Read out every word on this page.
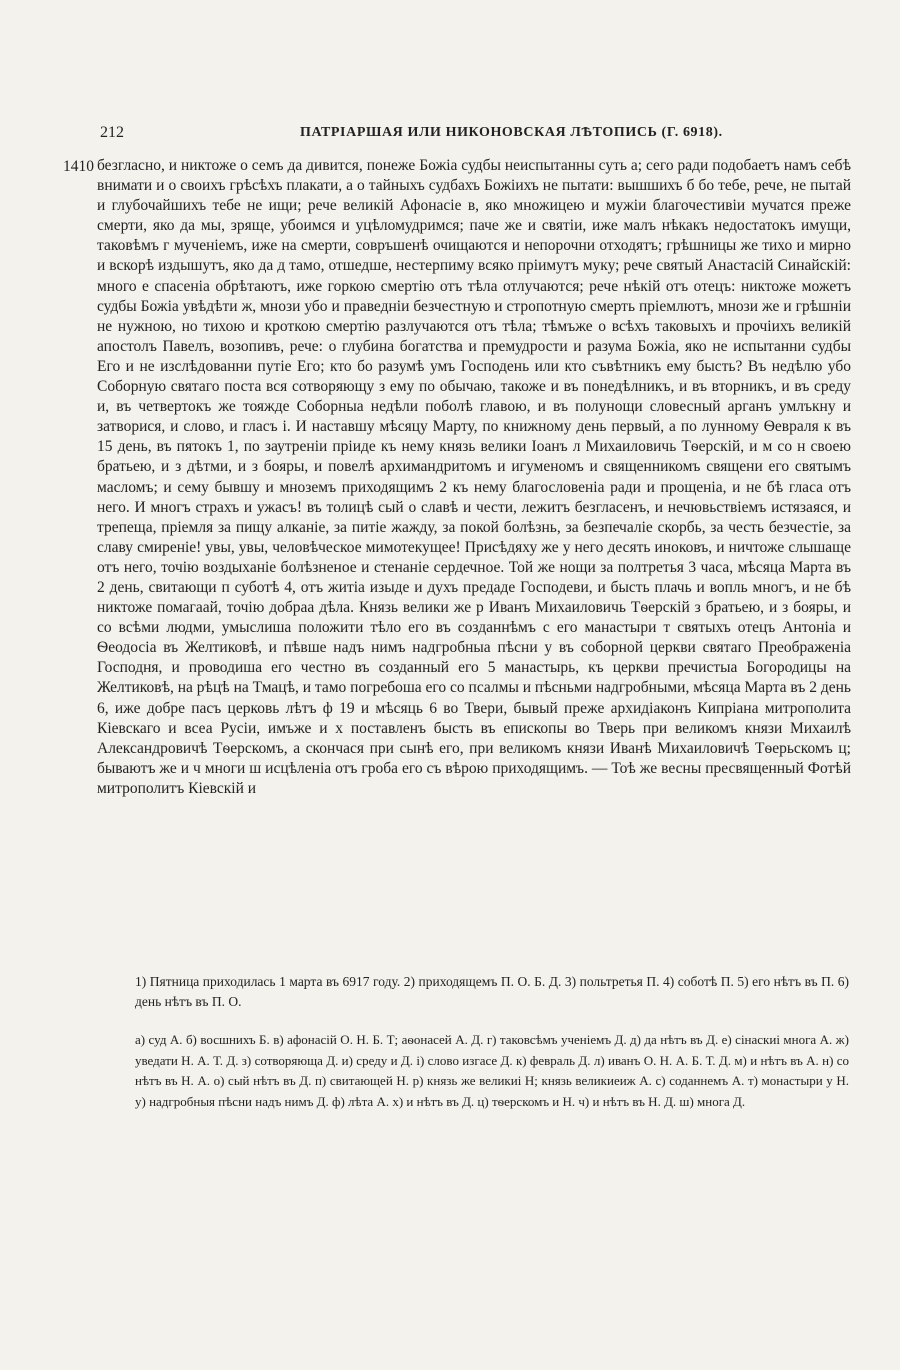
212	ПАТРІАРШАЯ ИЛИ НИКОНОВСКАЯ ЛѢТОПИСЬ (Г. 6918).
1410 безгласно, и никтоже о семъ да дивится, понеже Божіа судбы неиспытанны суть а; сего ради подобаетъ намъ себѣ внимати и о своихъ грѣсѣхъ плакати, а о тайныхъ судбахъ Божіихъ не пытати: вышшихъ б бо тебе, рече, не пытай и глубочайшихъ тебе не ищи; рече великій Афонасіе в, яко множицею и мужіи благочестивіи мучатся преже смерти, яко да мы, зряще, убоимся и уцѣломудримся; паче же и святіи, иже малъ нѣкакъ недостатокъ имущи, таковѣмъ г мученіемъ, иже на смерти, совръшенѣ очищаются и непорочни отходятъ; грѣшницы же тихо и мирно и вскорѣ издышутъ, яко да д тамо, отшедше, нестерпиму всяко пріимутъ муку; рече святый Анастасій Синайскій: много е спасеніа обрѣтаютъ, иже горкою смертію отъ тѣла отлучаются; рече нѣкій отъ отецъ: никтоже можетъ судбы Божіа увѣдѣти ж, мнози убо и праведніи безчестную и стропотную смерть пріемлютъ, мнози же и грѣшніи не нужною, но тихою и кроткою смертію разлучаются отъ тѣла; тѣмъже о всѣхъ таковыхъ и прочіихъ великій апостолъ Павелъ, возопивъ, рече: о глубина богатства и премудрости и разума Божіа, яко не испытанни судбы Его и не изслѣдованни путіе Его; кто бо разумѣ умъ Господень или кто съвѣтникъ ему бысть? Въ недѣлю убо Соборную святаго поста вся сотворяющу з ему по обычаю, такоже и въ понедѣлникъ, и въ вторникъ, и въ среду и, въ четвертокъ же тояжде Соборныа недѣли поболѣ главою, и въ полунощи словесный арганъ умлъкну и затворися, и слово, и гласъ і. И наставшу мѣсяцу Марту, по книжному день первый, а по лунному Ѳевраля к въ 15 день, въ пятокъ 1, по заутреніи пріиде къ нему князь велики Іоанъ л Михаиловичь Тѳерскій, и м со н своею братьею, и з дѣтми, и з бояры, и повелѣ архимандритомъ и игуменомъ и священникомъ священи его святымъ масломъ; и сему бывшу и мноземъ приходящимъ 2 къ нему благословеніа ради и прощеніа, и не бѣ гласа отъ него. И многъ страхъ и ужасъ! въ толицѣ сый о славѣ и чести, лежитъ безгласенъ, и нечювьствіемъ истязаяся, и трепеща, пріемля за пищу алканіе, за питіе жажду, за покой болѣзнь, за безпечаліе скорбь, за честь безчестіе, за славу смиреніе! увы, увы, человѣческое мимотекущее! Присѣдяху же у него десять иноковъ, и ничтоже слышаще отъ него, точію воздыханіе болѣзненое и стенаніе сердечное. Той же нощи за полтретья 3 часа, мѣсяца Марта въ 2 день, свитающи п суботѣ 4, отъ житіа изыде и духъ предаде Господеви, и бысть плачь и вопль многъ, и не бѣ никтоже помагаай, точію добраа дѣла. Князь велики же р Иванъ Михаиловичь Тѳерскій з братьею, и з бояры, и со всѣми людми, умыслиша положити тѣло его въ созданнѣмъ с его манастыри т святыхъ отецъ Антоніа и Ѳеодосіа въ Желтиковѣ, и пѣвше надъ нимъ надгробныа пѣсни у въ соборной церкви святаго Преображеніа Господня, и проводиша его честно въ созданный его 5 манастырь, къ церкви пречистыа Богородицы на Желтиковѣ, на рѣцѣ на Тмацѣ, и тамо погребоша его со псалмы и пѣсньми надгробными, мѣсяца Марта въ 2 день 6, иже добре пасъ церковь лѣтъ ф 19 и мѣсяць 6 во Твери, бывый преже архидіаконъ Кипріана митрополита Кіевскаго и всеа Русіи, имъже и х поставленъ бысть въ епископы во Тверь при великомъ князи Михаилѣ Александровичѣ Тѳерскомъ, а скончася при сынѣ его, при великомъ князи Иванѣ Михаиловичѣ Тѳерьскомъ ц; бываютъ же и ч многи ш исцѣленіа отъ гроба его съ вѣрою приходящимъ. — Тоѣ же весны пресвященный Фотѣй митрополитъ Кіевскій и
1) Пятница приходилась 1 марта въ 6917 году. 2) приходящемъ П. О. Б. Д. 3) польтретья П. 4) соботѣ П. 5) его нѣтъ въ П. 6) день нѣтъ въ П. О.
а) суд А. б) восшнихъ Б. в) афонасій О. Н. Б. Т; аѳонасей А. Д. г) таковсѣмъ ученіемъ Д. д) да нѣтъ въ Д. е) сінаскиі многа А. ж) уведати Н. А. Т. Д. з) сотворяюща Д. и) среду и Д. і) слово изгасе Д. к) февраль Д. л) иванъ О. Н. А. Б. Т. Д. м) и нѣтъ въ А. н) со нѣтъ въ Н. А. о) сый нѣтъ въ Д. п) свитающей Н. р) князь же великиі Н; князь великиеиж А. с) соданнемъ А. т) монастыри у Н. у) надгробныя пѣсни надъ нимъ Д. ф) лѣта А. х) и нѣтъ въ Д. ц) тѳерскомъ и Н. ч) и нѣтъ въ Н. Д. ш) многа Д.
